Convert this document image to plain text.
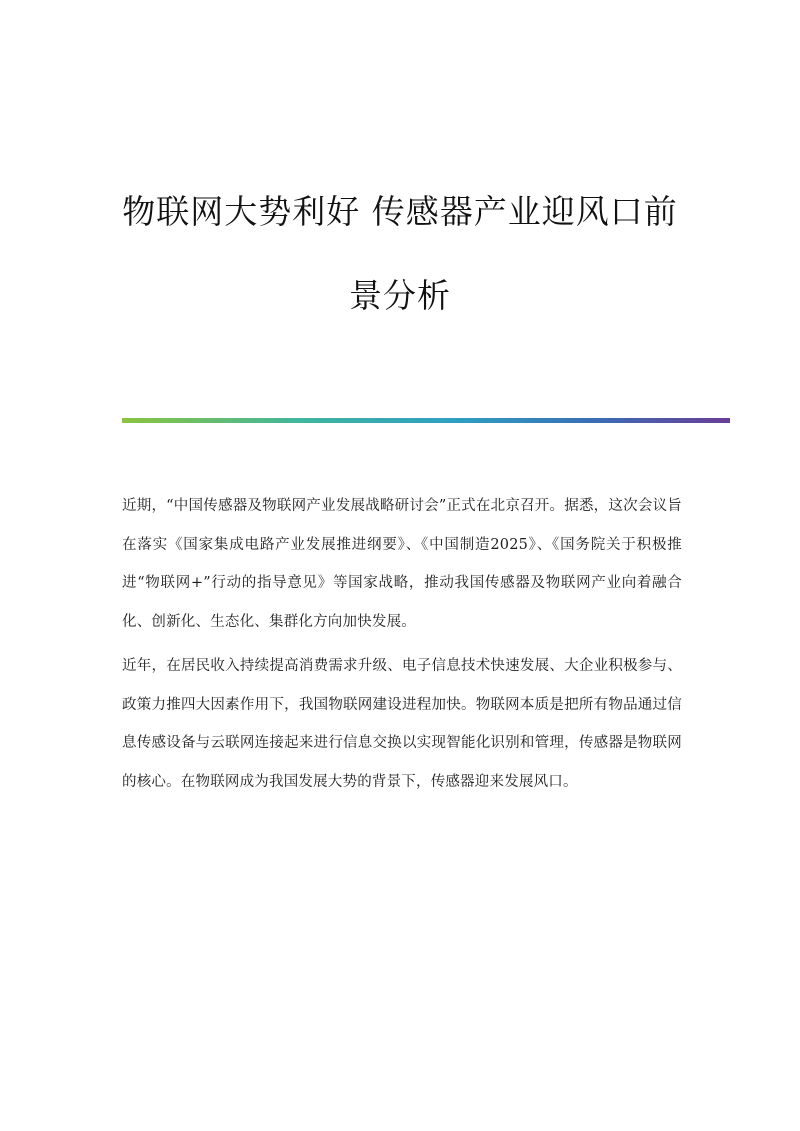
物联网大势利好 传感器产业迎风口前
景分析

近期，“中国传感器及物联网产业发展战略研讨会”正式在北京召开。据悉，这次会议旨在落实《国家集成电路产业发展推进纲要》、《中国制造2025》、《国务院关于积极推进“物联网+”行动的指导意见》等国家战略，推动我国传感器及物联网产业向着融合化、创新化、生态化、集群化方向加快发展。

近年，在居民收入持续提高消费需求升级、电子信息技术快速发展、大企业积极参与、政策力推四大因素作用下，我国物联网建设进程加快。物联网本质是把所有物品通过信息传感设备与云联网连接起来进行信息交换以实现智能化识别和管理，传感器是物联网的核心。在物联网成为我国发展大势的背景下，传感器迎来发展风口。
